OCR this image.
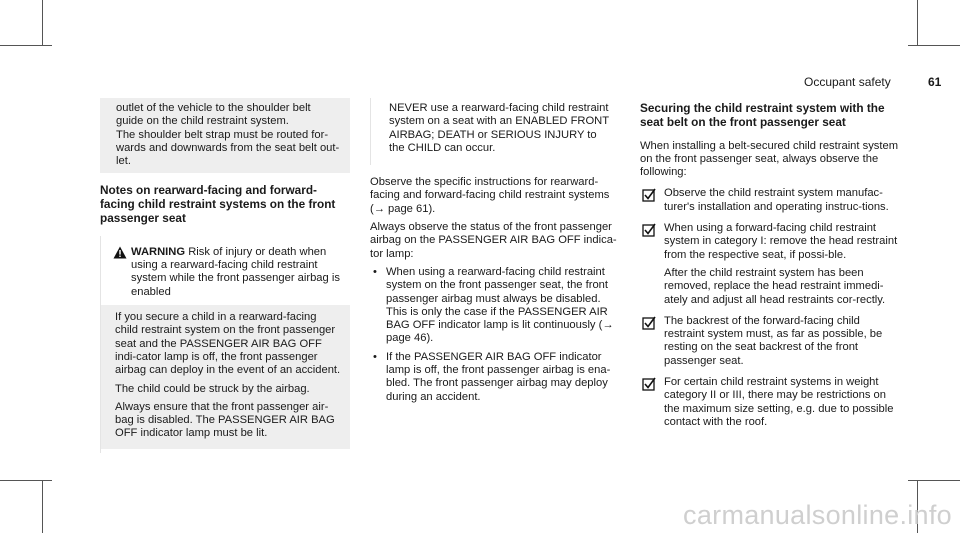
Occupant safety	61

outlet of the vehicle to the shoulder belt guide on the child restraint system.

The shoulder belt strap must be routed for-wards and downwards from the seat belt out-let.

Notes on rearward-facing and forward-facing child restraint systems on the front passenger seat

WARNING Risk of injury or death when using a rearward-facing child restraint system while the front passenger airbag is enabled

If you secure a child in a rearward-facing child restraint system on the front passenger seat and the PASSENGER AIR BAG OFF indi-cator lamp is off, the front passenger airbag can deploy in the event of an accident.

The child could be struck by the airbag.

Always ensure that the front passenger air-bag is disabled. The PASSENGER AIR BAG OFF indicator lamp must be lit.

NEVER use a rearward-facing child restraint system on a seat with an ENABLED FRONT AIRBAG; DEATH or SERIOUS INJURY to the CHILD can occur.

Observe the specific instructions for rearward-facing and forward-facing child restraint systems (→ page 61).

Always observe the status of the front passenger airbag on the PASSENGER AIR BAG OFF indica-tor lamp:

• When using a rearward-facing child restraint system on the front passenger seat, the front passenger airbag must always be disabled. This is only the case if the PASSENGER AIR BAG OFF indicator lamp is lit continuously (→ page 46).
• If the PASSENGER AIR BAG OFF indicator lamp is off, the front passenger airbag is ena-bled. The front passenger airbag may deploy during an accident.
Securing the child restraint system with the seat belt on the front passenger seat

When installing a belt-secured child restraint system on the front passenger seat, always observe the following:

Observe the child restraint system manufac-turer's installation and operating instruc-tions.

When using a forward-facing child restraint system in category I: remove the head restraint from the respective seat, if possi-ble.

After the child restraint system has been removed, replace the head restraint immedi-ately and adjust all head restraints cor-rectly.

The backrest of the forward-facing child restraint system must, as far as possible, be resting on the seat backrest of the front passenger seat.

For certain child restraint systems in weight category II or III, there may be restrictions on the maximum size setting, e.g. due to possible contact with the roof.

carmanualsonline.info
